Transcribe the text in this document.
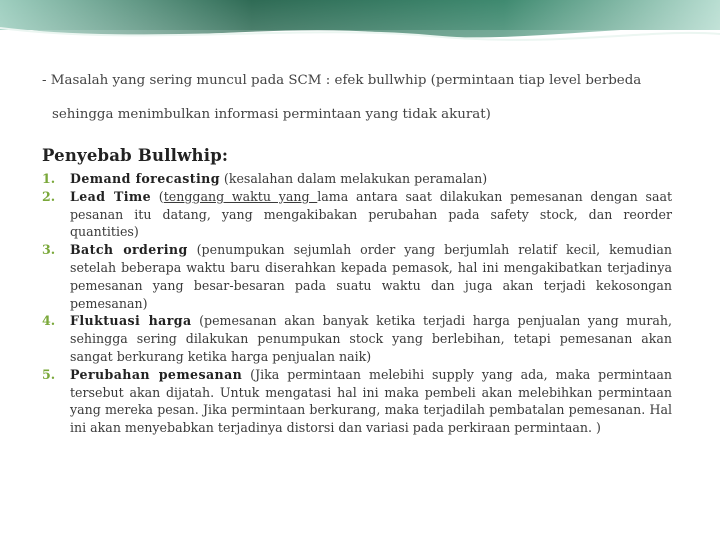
- Masalah yang sering muncul pada SCM : efek bullwhip (permintaan tiap level berbeda
sehingga menimbulkan informasi permintaan yang tidak akurat)
Penyebab Bullwhip:
1. Demand forecasting (kesalahan dalam melakukan peramalan)
2. Lead Time (tenggang waktu yang lama antara saat dilakukan pemesanan dengan saat pesanan itu datang, yang mengakibakan perubahan pada safety stock, dan reorder quantities)
3. Batch ordering (penumpukan sejumlah order yang berjumlah relatif kecil, kemudian setelah beberapa waktu baru diserahkan kepada pemasok, hal ini mengakibatkan terjadinya pemesanan yang besar-besaran pada suatu waktu dan juga akan terjadi kekosongan pemesanan)
4. Fluktuasi harga (pemesanan akan banyak ketika terjadi harga penjualan yang murah, sehingga sering dilakukan penumpukan stock yang berlebihan, tetapi pemesanan akan sangat berkurang ketika harga penjualan naik)
5. Perubahan pemesanan (Jika permintaan melebihi supply yang ada, maka permintaan tersebut akan dijatah. Untuk mengatasi hal ini maka pembeli akan melebihkan permintaan yang mereka pesan. Jika permintaan berkurang, maka terjadilah pembatalan pemesanan. Hal ini akan menyebabkan terjadinya distorsi dan variasi pada perkiraan permintaan. )
